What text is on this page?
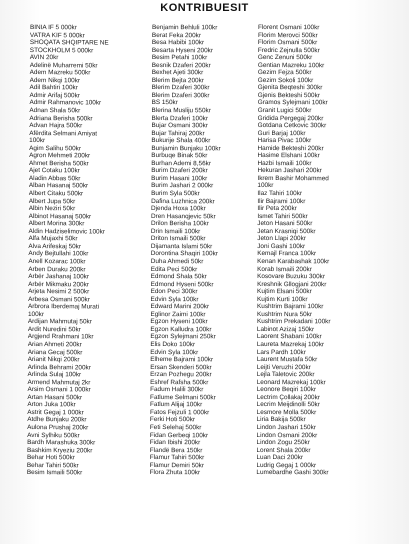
KONTRIBUESIT
BINIA IF 5 000kr
VATRA KIF 5 000kr
SHOQATA SHQIPTARE NE
STOCKHOLM 5 000kr
AVIN 20kr
Adelinë Muharremi 50kr
Adem Mazreku 500kr
Adem Nikqi 100kr
Adil Bahtiri 100kr
Admir Arifaj 500kr
Admir Rahmanovic 100kr
Adnan Shala 50kr
Adriana Berisha 500kr
Advan Hajra 500kr
Afërdita Selmani Amiyat
100kr
Agim Salihu 500kr
Agron Mehmeti 200kr
Ahmet Berisha 500kr
Ajet Cotaku 100kr
Aladin Abbas 50kr
Alban Hasanaj 500kr
Albert Citaku 500kr
Albert Jupa 50kr
Albin Neziri 50kr
Albinot Hasanaj 500kr
Albert Morina 300kr
Aldin Hadziselimovic 100kr
Alfa Mujaxhi 50kr
Alva Arifeskaj 50kr
Andy Bejtullahi 100kr
Anell Kozarac 100kr
Arben Duraku 200kr
Arbër Jashanaj 100kr
Arbër Mikmaku 200kr
Arjeta Nesimi 2 500kr
Arbesa Osmani 500kr
Arbrora Iberdemaj Murati
100kr
Ardijan Mahmutaj 50kr
Ardit Nuredini 50kr
Argjend Rrahmani 10kr
Arian Ahmeti 200kr
Ariana Gecaj 500kr
Arianit Nikqi 200kr
Arlinda Behrami 200kr
Arlinda Sulaj 100kr
Armend Mahmutaj 2kr
Arsim Osmani 1 000kr
Artan Hasani 500kr
Arton Juka 100kr
Astrit Gegaj 1 000kr
Atdhe Bunjaku 200kr
Aulona Prushaj 200kr
Avni Sylhiku 500kr
Bardh Marashuka 300kr
Bashkim Kryeziu 200kr
Behar Hoti 500kr
Behar Tahiri 500kr
Besim Ismaili 500kr
Benjamin Behluli 100kr
Berat Feka 200kr
Besa Habibi 100kr
Besarta Hyseni 200kr
Besim Petahi 100kr
Besnik Dzaferi 200kr
Bexhet Ajeti 300kr
Blerim Bejta 200kr
Blerim Dzaferi 300kr
Blerim Dzaferi 300kr
BS 150kr
Blerina Musliju 550kr
Blerta Dzaferi 100kr
Bujar Osmani 300kr
Bujar Tahiraj 200kr
Bukurije Shala 400kr
Bunjamin Bunjaku 100kr
Burbuqe Binak 50kr
Burhan Ademi 8,56kr
Burim Dzaferi 200kr
Burim Hasani 100kr
Burim Jashari 2 000kr
Burim Syla 500kr
Dafina Luzhnica 200kr
Djenda Hoxa 100kr
Dren Hasanqjevic 50kr
Drilon Berisha 100kr
Drin Ismaili 100kr
Driton Ismaili 500kr
Dijamanta Islami 50kr
Dorontina Shaqiri 100kr
Duha Ahmedi 50kr
Edita Peci 500kr
Edmond Shala 50kr
Edmond Hyseni 500kr
Edon Peci 300kr
Edvin Syla 100kr
Edward Marini 200kr
Eglinor Zaimi 100kr
Egzon Hyseni 100kr
Egzon Kalludra 100kr
Egzon Sylejmani 250kr
Elis Doko 100kr
Edvin Syla 100kr
Elheme Bajrami 100kr
Ersan Skenderi 500kr
Erzan Pozhegu 200kr
Eshref Rafsha 500kr
Fadum Halili 300kr
Fatlume Selmani 500kr
Fatlum Alijaj 100kr
Fatos Fejzuli 1 000kr
Ferki Hoti 500kr
Feti Selehaj 500kr
Fidan Gerbeqi 100kr
Fidan Ibishi 200kr
Flandë Bera 150kr
Flamur Tahiri 500kr
Flamur Demiri 50kr
Flora Zhuta 100kr
Florent Osmani 100kr
Florim Merovci 500kr
Florim Osmani 500kr
Fredric Zejnulla 500kr
Genc Zenuni 500kr
Gentian Mazreku 100kr
Gezim Fejza 500kr
Gezim Sokoli 100kr
Gjenita Beqteshi 300kr
Gjenis Bekteshi 500kr
Gramos Sylejmani 100kr
Granit Lugici 500kr
Gridida Pergegaj 200kr
Gotdana Cetkovic 300kr
Guri Barjaj 100kr
Harisa Pivac 100kr
Hamide Bekteshi 200kr
Hasime Elshani 100kr
Hazbi Ismaili 100kr
Hekuran Jashari 200kr
Ikrem Bashir Mohammed
100kr
Ilaz Tahiri 100kr
Ilir Bajrami 100kr
Ilir Peta 200kr
Ismet Tahiri 500kr
Jeton Hasani 500kr
Jetan Krasniqi 500kr
Jeton Llapi 200kr
Joni Gashi 100kr
Kemajl Franca 100kr
Kenan Karabashak 100kr
Korab Ismaili 200kr
Kosovare Buzuku 300kr
Kreshnik Gllogjani 200kr
Kujtim Elsani 500kr
Kujtim Kurti 100kr
Kushtrim Bajrami 100kr
Kushtrim Nura 50kr
Kushtrim Prekadani 100kr
Labinot Azizaj 150kr
Laorent Shabani 100kr
Laureta Mazrekaj 100kr
Lars Pardh 100kr
Laurent Mustafa 50kr
Leijti Veruzhi 200kr
Lejla Taletovic 200kr
Leonard Mazrekaj 100kr
Leonore Beqiri 100kr
Lectrim Çollakaj 200kr
Lecrim Meijdinolli 50kr
Lesmore Molla 500kr
Liria Bakija 500kr
Lindon Jashari 150kr
Lindon Osmani 200kr
Lindon Zogu 250kr
Lorent Shala 200kr
Luan Daci 200kr
Ludrig Gegaj 1 000kr
Lumebardhe Gashi 300kr
